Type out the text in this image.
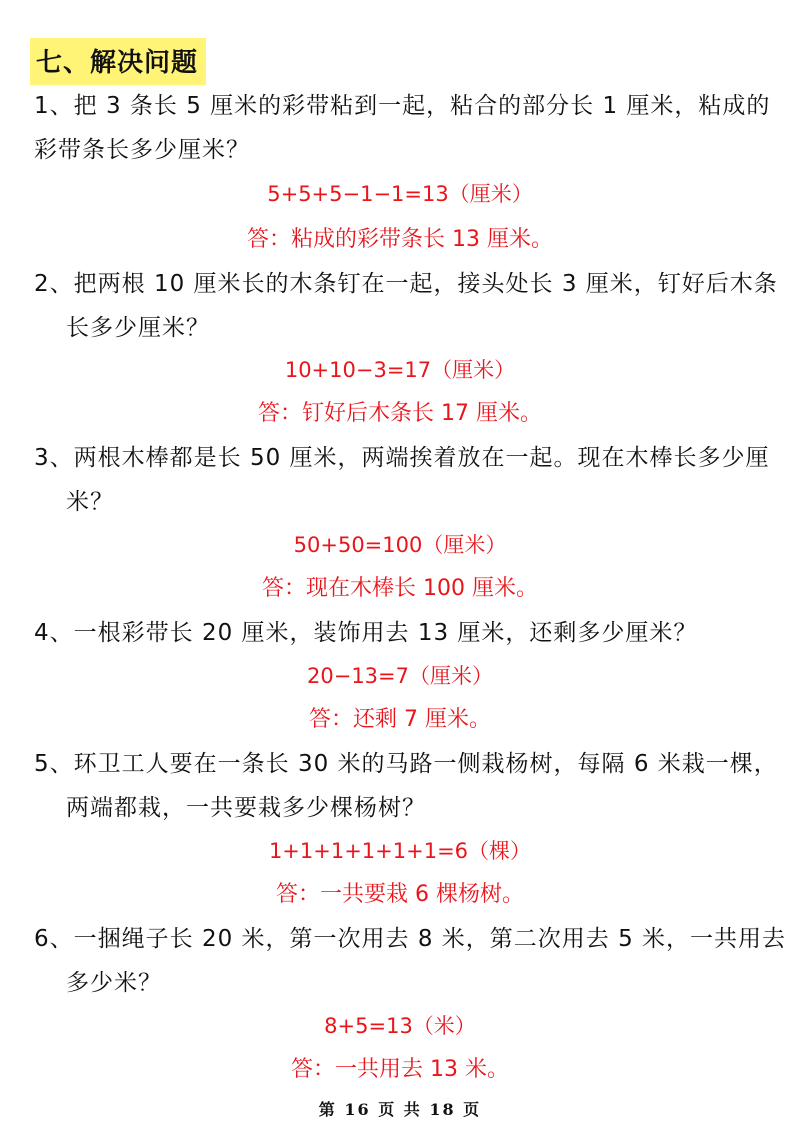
七、解决问题
1、把 3 条长 5 厘米的彩带粘到一起，粘合的部分长 1 厘米，粘成的
彩带条长多少厘米？
5+5+5−1−1=13（厘米）
答：粘成的彩带条长 13 厘米。
2、把两根 10 厘米长的木条钉在一起，接头处长 3 厘米，钉好后木条
长多少厘米？
10+10−3=17（厘米）
答：钉好后木条长 17 厘米。
3、两根木棒都是长 50 厘米，两端挨着放在一起。现在木棒长多少厘
米？
50+50=100（厘米）
答：现在木棒长 100 厘米。
4、一根彩带长 20 厘米，装饰用去 13 厘米，还剩多少厘米？
20−13=7（厘米）
答：还剩 7 厘米。
5、环卫工人要在一条长 30 米的马路一侧栽杨树，每隔 6 米栽一棵，
两端都栽，一共要栽多少棵杨树？
1+1+1+1+1+1=6（棵）
答：一共要栽 6 棵杨树。
6、一捆绳子长 20 米，第一次用去 8 米，第二次用去 5 米，一共用去
多少米？
8+5=13（米）
答：一共用去 13 米。
第 16 页 共 18 页
